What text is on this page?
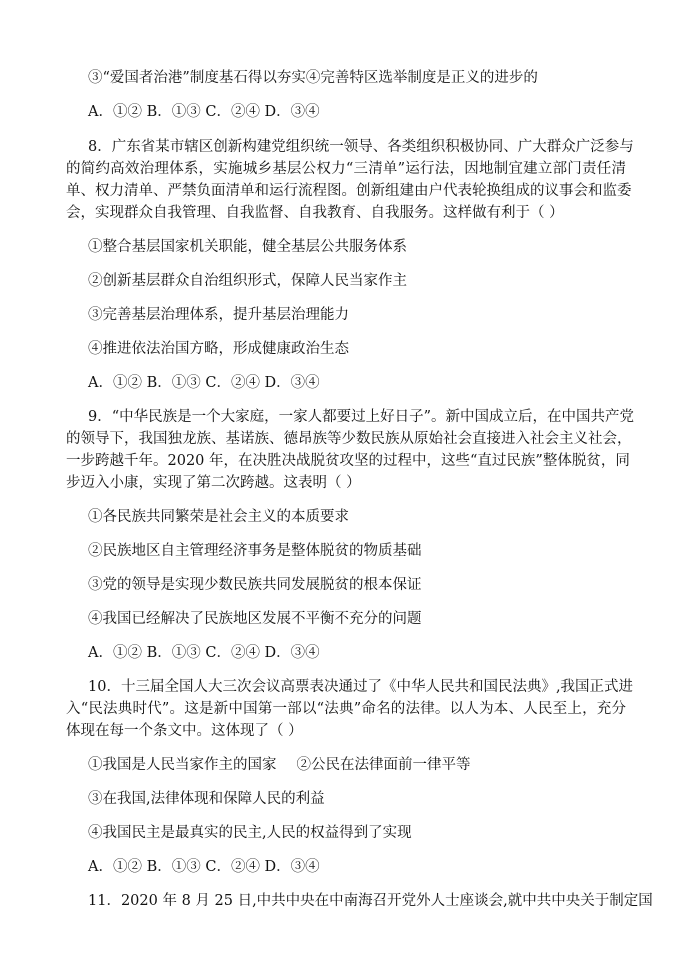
③“爱国者治港”制度基石得以夯实④完善特区选举制度是正义的进步的
A．①② B．①③ C．②④ D．③④
8．广东省某市辖区创新构建党组织统一领导、各类组织积极协同、广大群众广泛参与
的简约高效治理体系，实施城乡基层公权力“三清单”运行法，因地制宜建立部门责任清
单、权力清单、严禁负面清单和运行流程图。创新组建由户代表轮换组成的议事会和监委
会，实现群众自我管理、自我监督、自我教育、自我服务。这样做有利于（ ）
①整合基层国家机关职能，健全基层公共服务体系
②创新基层群众自治组织形式，保障人民当家作主
③完善基层治理体系，提升基层治理能力
④推进依法治国方略，形成健康政治生态
A．①② B．①③ C．②④ D．③④
9．“中华民族是一个大家庭，一家人都要过上好日子”。新中国成立后，在中国共产党
的领导下，我国独龙族、基诺族、德昂族等少数民族从原始社会直接进入社会主义社会，
一步跨越千年。2020 年，在决胜决战脱贫攻坚的过程中，这些“直过民族”整体脱贫，同
步迈入小康，实现了第二次跨越。这表明（ ）
①各民族共同繁荣是社会主义的本质要求
②民族地区自主管理经济事务是整体脱贫的物质基础
③党的领导是实现少数民族共同发展脱贫的根本保证
④我国已经解决了民族地区发展不平衡不充分的问题
A．①② B．①③ C．②④ D．③④
10．十三届全国人大三次会议高票表决通过了《中华人民共和国民法典》,我国正式进
入“民法典时代”。这是新中国第一部以“法典”命名的法律。以人为本、人民至上，充分
体现在每一个条文中。这体现了（ ）
①我国是人民当家作主的国家 ②公民在法律面前一律平等
③在我国,法律体现和保障人民的利益
④我国民主是最真实的民主,人民的权益得到了实现
A．①② B．①③ C．②④ D．③④
11．2020 年 8 月 25 日,中共中央在中南海召开党外人士座谈会,就中共中央关于制定国
